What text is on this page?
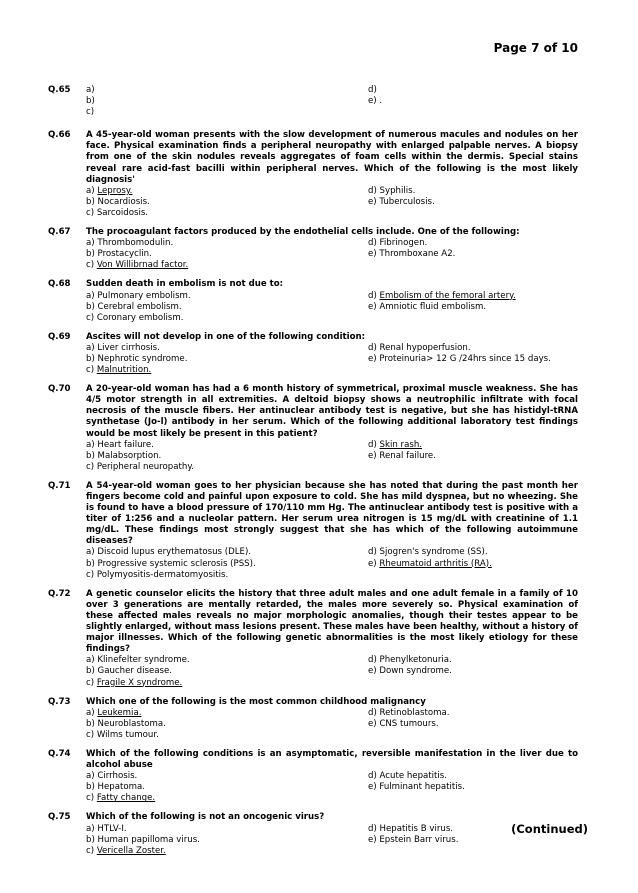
Page 7 of 10
Q.65	a)	d)
b)	e) .
c)
Q.66	A 45-year-old woman presents with the slow development of numerous macules and nodules on her face. Physical examination finds a peripheral neuropathy with enlarged palpable nerves. A biopsy from one of the skin nodules reveals aggregates of foam cells within the dermis. Special stains reveal rare acid-fast bacilli within peripheral nerves. Which of the following is the most likely diagnosis'
a) Leprosy.	d) Syphilis.
b) Nocardiosis.	e) Tuberculosis.
c) Sarcoidosis.
Q.67	The procoagulant factors produced by the endothelial cells include. One of the following:
a) Thrombomodulin.	d) Fibrinogen.
b) Prostacyclin.	e) Thromboxane A2.
c) Von Willibrnad factor.
Q.68	Sudden death in embolism is not due to:
a) Pulmonary embolism.	d) Embolism of the femoral artery.
b) Cerebral embolism.	e) Amniotic fluid embolism.
c) Coronary embolism.
Q.69	Ascites will not develop in one of the following condition:
a) Liver cirrhosis.	d) Renal hypoperfusion.
b) Nephrotic syndrome.	e) Proteinuria> 12 G /24hrs since 15 days.
c) Malnutrition.
Q.70	A 20-year-old woman has had a 6 month history of symmetrical, proximal muscle weakness. She has 4/5 motor strength in all extremities. A deltoid biopsy shows a neutrophilic infiltrate with focal necrosis of the muscle fibers. Her antinuclear antibody test is negative, but she has histidyl-tRNA synthetase (Jo-l) antibody in her serum. Which of the following additional laboratory test findings would be most likely be present in this patient?
a) Heart failure.	d) Skin rash.
b) Malabsorption.	e) Renal failure.
c) Peripheral neuropathy.
Q.71	A 54-year-old woman goes to her physician because she has noted that during the past month her fingers become cold and painful upon exposure to cold. She has mild dyspnea, but no wheezing. She is found to have a blood pressure of 170/110 mm Hg. The antinuclear antibody test is positive with a titer of 1:256 and a nucleolar pattern. Her serum urea nitrogen is 15 mg/dL with creatinine of 1.1 mg/dL. These findings most strongly suggest that she has which of the following autoimmune diseases?
a) Discoid lupus erythematosus (DLE).	d) Sjogren's syndrome (SS).
b) Progressive systemic sclerosis (PSS).	e) Rheumatoid arthritis (RA).
c) Polymyositis-dermatomyositis.
Q.72	A genetic counselor elicits the history that three adult males and one adult female in a family of 10 over 3 generations are mentally retarded, the males more severely so. Physical examination of these affected males reveals no major morphologic anomalies, though their testes appear to be slightly enlarged, without mass lesions present. These males have been healthy, without a history of major illnesses. Which of the following genetic abnormalities is the most likely etiology for these findings?
a) Klinefelter syndrome.	d) Phenylketonuria.
b) Gaucher disease.	e) Down syndrome.
c) Fragile X syndrome.
Q.73	Which one of the following is the most common childhood malignancy
a) Leukemia.	d) Retinoblastoma.
b) Neuroblastoma.	e) CNS tumours.
c) Wilms tumour.
Q.74	Which of the following conditions is an asymptomatic, reversible manifestation in the liver due to alcohol abuse
a) Cirrhosis.	d) Acute hepatitis.
b) Hepatoma.	e) Fulminant hepatitis.
c) Fatty change.
Q.75	Which of the following is not an oncogenic virus?
a) HTLV-I.	d) Hepatitis B virus.
b) Human papilloma virus.	e) Epstein Barr virus.
c) Vericella Zoster.
(Continued)
